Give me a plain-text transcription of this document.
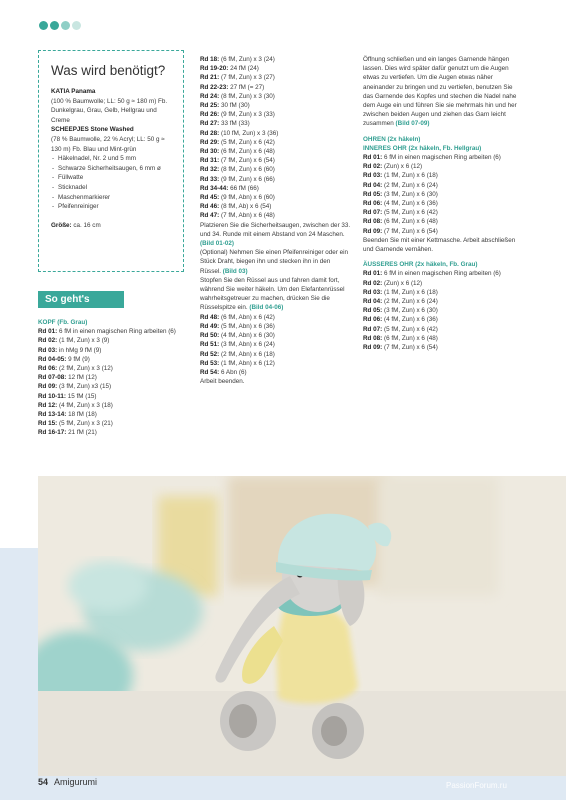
Was wird benötigt?
KATIA Panama
(100 % Baumwolle; LL: 50 g ≈ 180 m) Fb. Dunkelgrau, Grau, Gelb, Hellgrau und Creme
SCHEEPJES Stone Washed
(78 % Baumwolle, 22 % Acryl; LL: 50 g ≈ 130 m) Fb. Blau und Mint-grün
- Häkelnadel, Nr. 2 und 5 mm
- Schwarze Sicherheitsaugen, 6 mm ø
- Füllwatte
- Sticknadel
- Maschenmarkierer
- Pfeifenreiniger
Größe: ca. 16 cm
So geht's
KOPF (Fb. Grau)
Rd 01: 6 fM in einen magischen Ring arbeiten (6)
Rd 02: (1 fM, Zun) x 3 (9)
Rd 03: in hMg 9 fM (9)
Rd 04-05: 9 fM (9)
Rd 06: (2 fM, Zun) x 3 (12)
Rd 07-08: 12 fM (12)
Rd 09: (3 fM, Zun) x3 (15)
Rd 10-11: 15 fM (15)
Rd 12: (4 fM, Zun) x 3 (18)
Rd 13-14: 18 fM (18)
Rd 15: (5 fM, Zun) x 3 (21)
Rd 16-17: 21 fM (21)
Rd 18: (6 fM, Zun) x 3 (24)
Rd 19-20: 24 fM (24)
Rd 21: (7 fM, Zun) x 3 (27)
Rd 22-23: 27 fM (= 27)
Rd 24: (8 fM, Zun) x 3 (30)
Rd 25: 30 fM (30)
Rd 26: (9 fM, Zun) x 3 (33)
Rd 27: 33 fM (33)
Rd 28: (10 fM, Zun) x 3 (36)
Rd 29: (5 fM, Zun) x 6 (42)
Rd 30: (6 fM, Zun) x 6 (48)
Rd 31: (7 fM, Zun) x 6 (54)
Rd 32: (8 fM, Zun) x 6 (60)
Rd 33: (9 fM, Zun) x 6 (66)
Rd 34-44: 66 fM (66)
Rd 45: (9 fM, Abn) x 6 (60)
Rd 46: (8 fM, Ab) x 6 (54)
Rd 47: (7 fM, Abn) x 6 (48)

Platzieren Sie die Sicherheitsaugen, zwischen der 33. und 34. Runde mit einem Abstand von 24 Maschen. (Bild 01-02)

(Optional) Nehmen Sie einen Pfeifenreiniger oder ein Stück Draht, biegen ihn und stecken ihn in den Rüssel. (Bild 03)

Stopfen Sie den Rüssel aus und fahren damit fort, während Sie weiter häkeln. Um den Elefantenrüssel wahrheitsgetreuer zu machen, drücken Sie die Rüsselspitze ein. (Bild 04-06)

Rd 48: (6 fM, Abn) x 6 (42)
Rd 49: (5 fM, Abn) x 6 (36)
Rd 50: (4 fM, Abn) x 6 (30)
Rd 51: (3 fM, Abn) x 6 (24)
Rd 52: (2 fM, Abn) x 6 (18)
Rd 53: (1 fM, Abn) x 6 (12)
Rd 54: 6 Abn (6)
Arbeit beenden.

Öffnung schließen und ein langes Garnende hängen lassen. Dies wird später dafür genutzt um die Augen etwas zu vertiefen. Um die Augen etwas näher aneinander zu bringen und zu vertiefen, benutzen Sie das Garnende des Kopfes und stechen die Nadel nahe dem Auge ein und führen Sie sie mehrmals hin und her zwischen beiden Augen und ziehen das Garn leicht zusammen (Bild 07-09)

OHREN (2x häkeln)
INNERES OHR (2x häkeln, Fb. Hellgrau)
Rd 01: 6 fM in einen magischen Ring arbeiten (6)
Rd 02: (Zun) x 6 (12)
Rd 03: (1 fM, Zun) x 6 (18)
Rd 04: (2 fM, Zun) x 6 (24)
Rd 05: (3 fM, Zun) x 6 (30)
Rd 06: (4 fM, Zun) x 6 (36)
Rd 07: (5 fM, Zun) x 6 (42)
Rd 08: (6 fM, Zun) x 6 (48)
Rd 09: (7 fM, Zun) x 6 (54)
Beenden Sie mit einer Kettmasche. Arbeit abschließen und Garnende vernähen.
ÄUSSERES OHR (2x häkeln, Fb. Grau)
Rd 01: 6 fM in einen magischen Ring arbeiten (6)
Rd 02: (Zun) x 6 (12)
Rd 03: (1 fM, Zun) x 6 (18)
Rd 04: (2 fM, Zun) x 6 (24)
Rd 05: (3 fM, Zun) x 6 (30)
Rd 06: (4 fM, Zun) x 6 (36)
Rd 07: (5 fM, Zun) x 6 (42)
Rd 08: (6 fM, Zun) x 6 (48)
Rd 09: (7 fM, Zun) x 6 (54)
54 Amigurumi	PassionForum.ru
